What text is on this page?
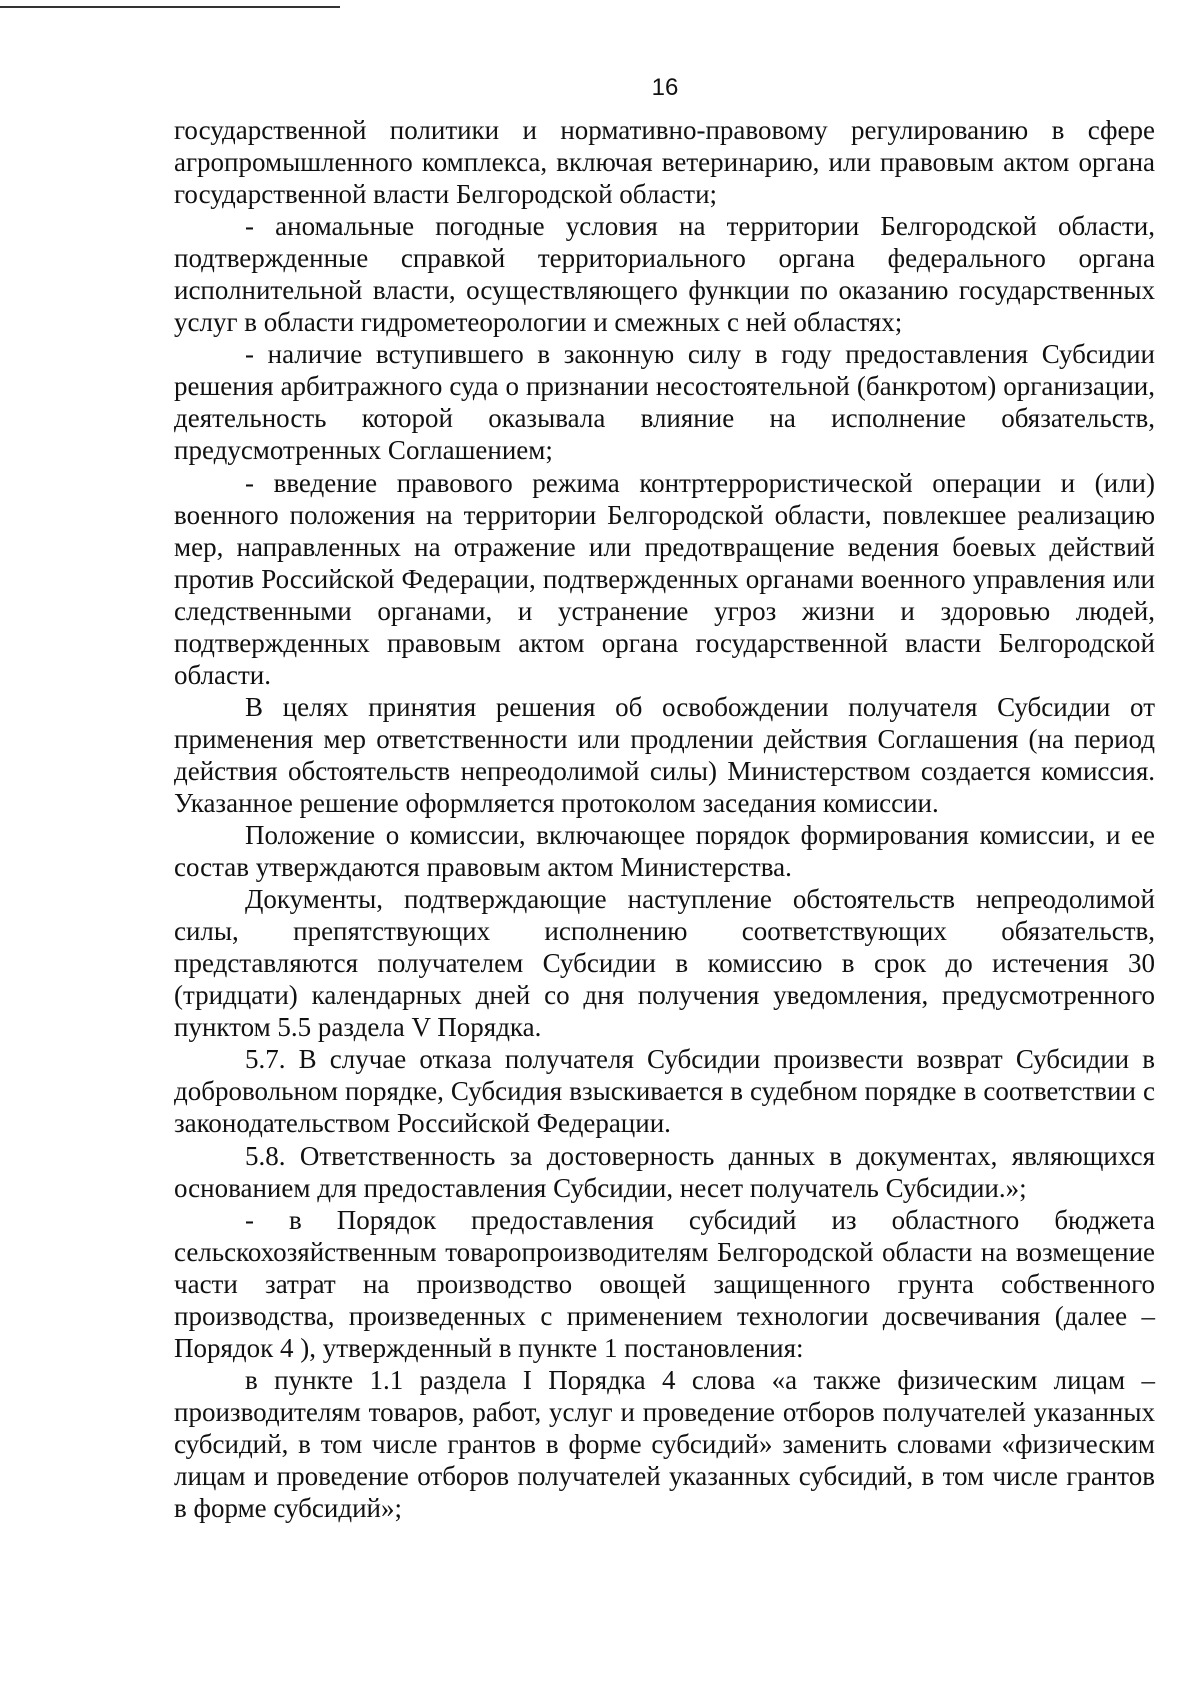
16

государственной политики и нормативно-правовому регулированию в сфере агропромышленного комплекса, включая ветеринарию, или правовым актом органа государственной власти Белгородской области;

- аномальные погодные условия на территории Белгородской области, подтвержденные справкой территориального органа федерального органа исполнительной власти, осуществляющего функции по оказанию государственных услуг в области гидрометеорологии и смежных с ней областях;

- наличие вступившего в законную силу в году предоставления Субсидии решения арбитражного суда о признании несостоятельной (банкротом) организации, деятельность которой оказывала влияние на исполнение обязательств, предусмотренных Соглашением;

- введение правового режима контртеррористической операции и (или) военного положения на территории Белгородской области, повлекшее реализацию мер, направленных на отражение или предотвращение ведения боевых действий против Российской Федерации, подтвержденных органами военного управления или следственными органами, и устранение угроз жизни и здоровью людей, подтвержденных правовым актом органа государственной власти Белгородской области.

В целях принятия решения об освобождении получателя Субсидии от применения мер ответственности или продлении действия Соглашения (на период действия обстоятельств непреодолимой силы) Министерством создается комиссия. Указанное решение оформляется протоколом заседания комиссии.

Положение о комиссии, включающее порядок формирования комиссии, и ее состав утверждаются правовым актом Министерства.

Документы, подтверждающие наступление обстоятельств непреодолимой силы, препятствующих исполнению соответствующих обязательств, представляются получателем Субсидии в комиссию в срок до истечения 30 (тридцати) календарных дней со дня получения уведомления, предусмотренного пунктом 5.5 раздела V Порядка.

5.7. В случае отказа получателя Субсидии произвести возврат Субсидии в добровольном порядке, Субсидия взыскивается в судебном порядке в соответствии с законодательством Российской Федерации.

5.8. Ответственность за достоверность данных в документах, являющихся основанием для предоставления Субсидии, несет получатель Субсидии.»;

- в Порядок предоставления субсидий из областного бюджета сельскохозяйственным товаропроизводителям Белгородской области на возмещение части затрат на производство овощей защищенного грунта собственного производства, произведенных с применением технологии досвечивания (далее – Порядок 4 ), утвержденный в пункте 1 постановления:

в пункте 1.1 раздела I Порядка 4 слова «а также физическим лицам – производителям товаров, работ, услуг и проведение отборов получателей указанных субсидий, в том числе грантов в форме субсидий» заменить словами «физическим лицам и проведение отборов получателей указанных субсидий, в том числе грантов в форме субсидий»;
